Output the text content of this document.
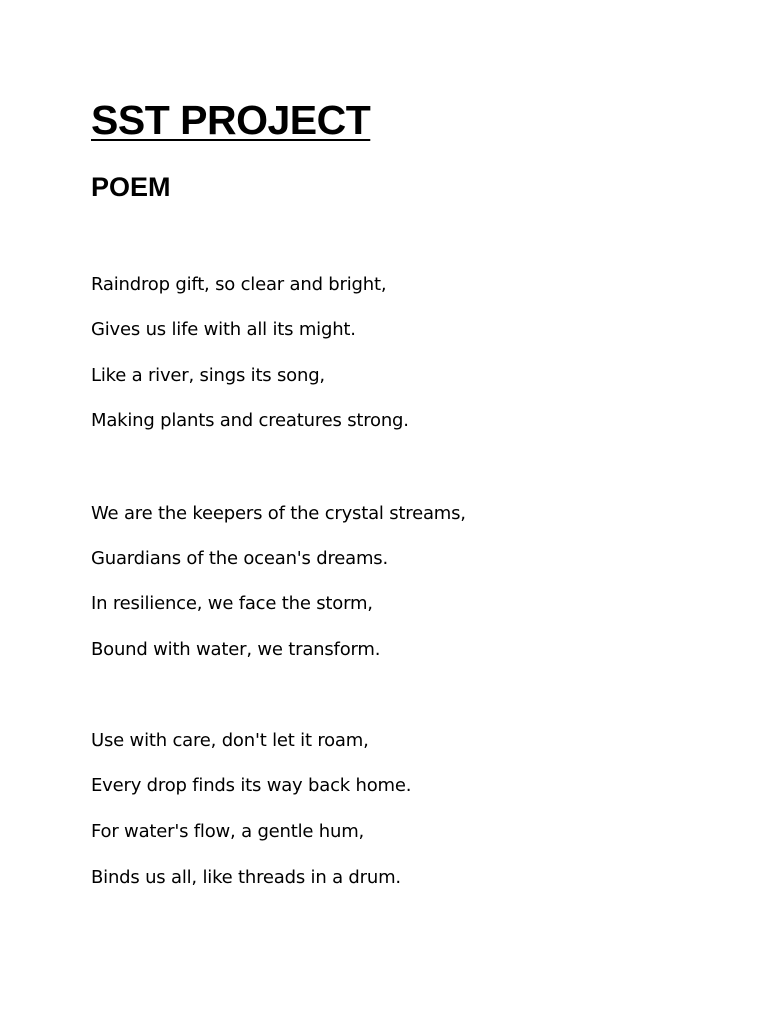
SST PROJECT
POEM

Raindrop gift, so clear and bright,

Gives us life with all its might.

Like a river, sings its song,

Making plants and creatures strong.

We are the keepers of the crystal streams,

Guardians of the ocean's dreams.

In resilience, we face the storm,

Bound with water, we transform.

Use with care, don't let it roam,

Every drop finds its way back home.

For water's flow, a gentle hum,

Binds us all, like threads in a drum.
